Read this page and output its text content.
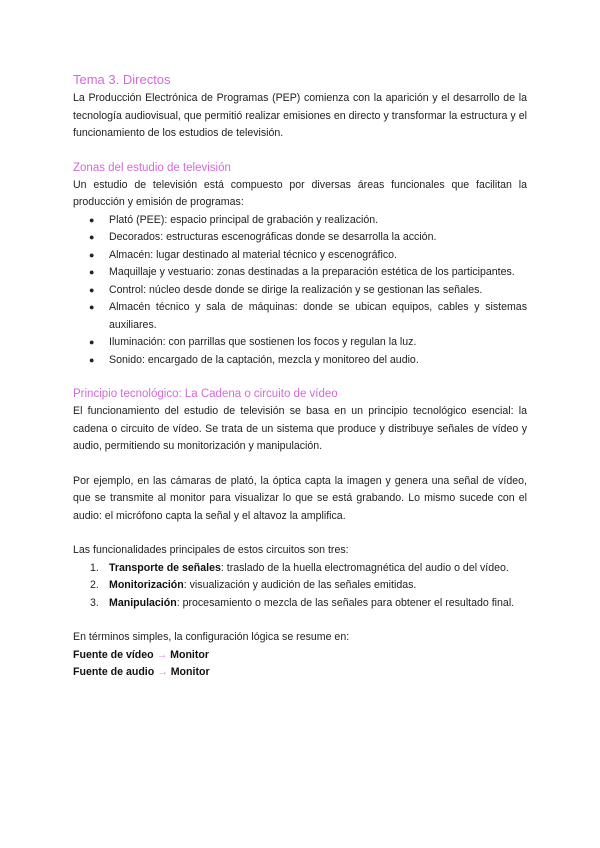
Tema 3. Directos

La Producción Electrónica de Programas (PEP) comienza con la aparición y el desarrollo de la tecnología audiovisual, que permitió realizar emisiones en directo y transformar la estructura y el funcionamiento de los estudios de televisión.

Zonas del estudio de televisión

Un estudio de televisión está compuesto por diversas áreas funcionales que facilitan la producción y emisión de programas:

● Plató (PEE): espacio principal de grabación y realización.
● Decorados: estructuras escenográficas donde se desarrolla la acción.
● Almacén: lugar destinado al material técnico y escenográfico.
● Maquillaje y vestuario: zonas destinadas a la preparación estética de los participantes.
● Control: núcleo desde donde se dirige la realización y se gestionan las señales.
● Almacén técnico y sala de máquinas: donde se ubican equipos, cables y sistemas auxiliares.
● Iluminación: con parrillas que sostienen los focos y regulan la luz.
● Sonido: encargado de la captación, mezcla y monitoreo del audio.
Principio tecnológico: La Cadena o circuito de vídeo

El funcionamiento del estudio de televisión se basa en un principio tecnológico esencial: la cadena o circuito de vídeo. Se trata de un sistema que produce y distribuye señales de vídeo y audio, permitiendo su monitorización y manipulación.

Por ejemplo, en las cámaras de plató, la óptica capta la imagen y genera una señal de vídeo, que se transmite al monitor para visualizar lo que se está grabando. Lo mismo sucede con el audio: el micrófono capta la señal y el altavoz la amplifica.

Las funcionalidades principales de estos circuitos son tres:

1. Transporte de señales: traslado de la huella electromagnética del audio o del vídeo.
2. Monitorización: visualización y audición de las señales emitidas.
3. Manipulación: procesamiento o mezcla de las señales para obtener el resultado final.

En términos simples, la configuración lógica se resume en:

Fuente de vídeo → Monitor
Fuente de audio → Monitor
